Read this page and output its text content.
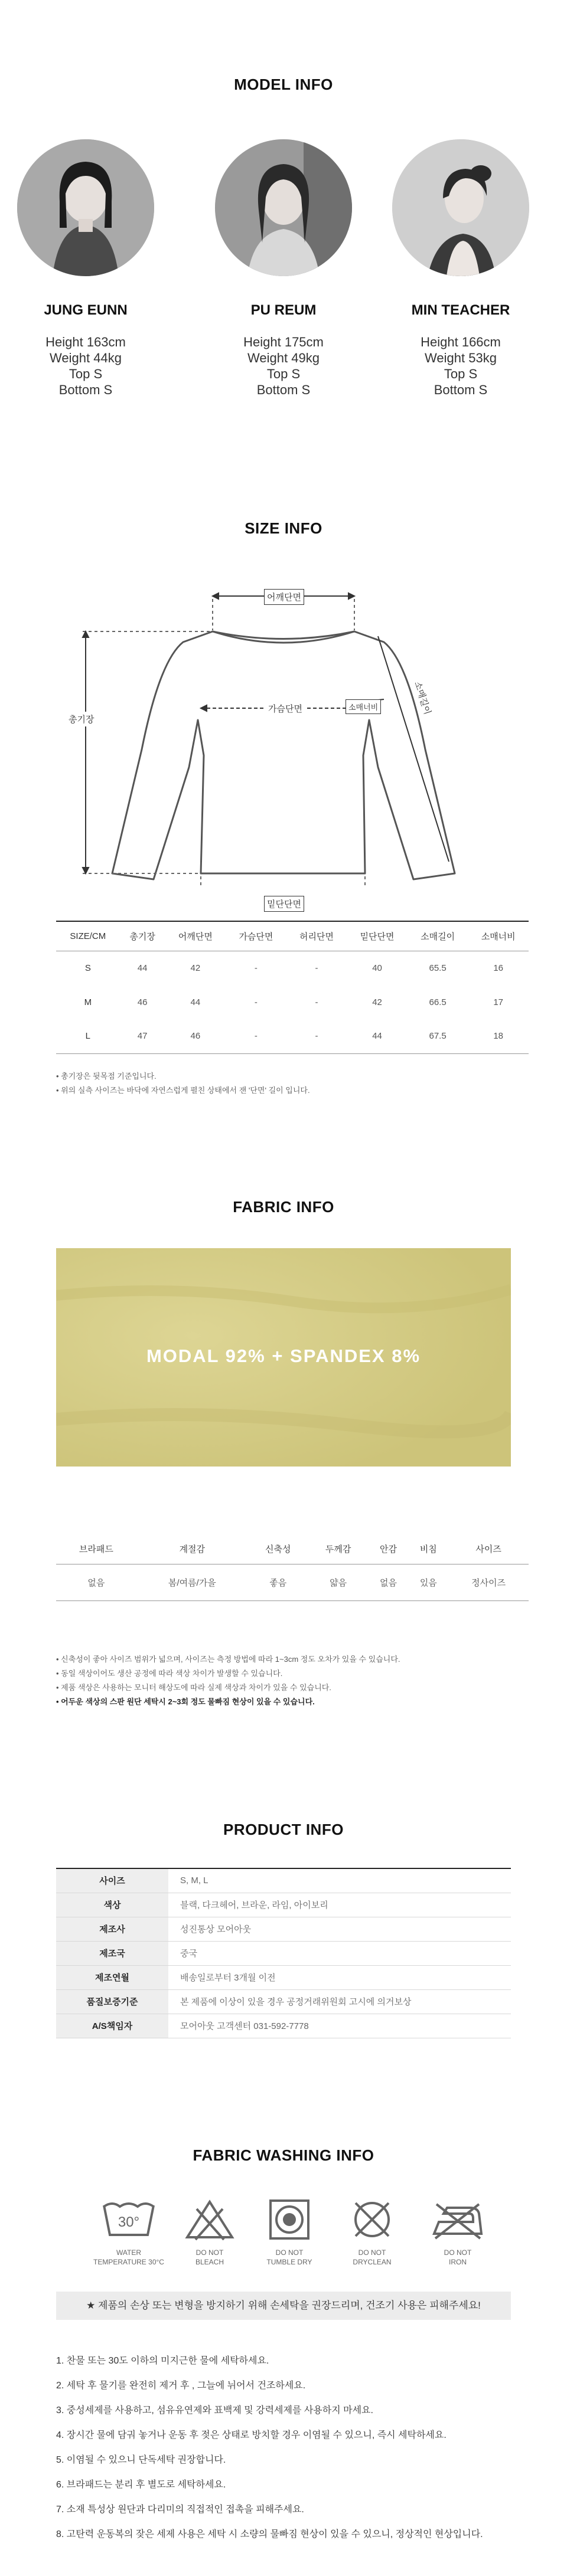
MODEL INFO
JUNG EUNN
Height 163cm
Weight 44kg
Top S
Bottom S
PU REUM
Height 175cm
Weight 49kg
Top S
Bottom S
MIN TEACHER
Height 166cm
Weight 53kg
Top S
Bottom S
SIZE INFO
어깨단면
가슴단면
총기장
소매길이
소매너비
밑단단면
SIZE/CM	총기장	어깨단면	가슴단면	허리단면	밑단단면	소매길이	소매너비
S	44	42	-	-	40	65.5	16
M	46	44	-	-	42	66.5	17
L	47	46	-	-	44	67.5	18
• 총기장은 뒷목점 기준입니다.
• 위의 실측 사이즈는 바닥에 자연스럽게 펼친 상태에서 잰 '단면' 길이 입니다.
FABRIC INFO
MODAL 92% + SPANDEX 8%
브라패드	계절감	신축성	두께감	안감	비침	사이즈
없음	봄/여름/가을	좋음	얇음	없음	있음	정사이즈
• 신축성이 좋아 사이즈 범위가 넓으며, 사이즈는 측정 방법에 따라 1~3cm 정도 오차가 있을 수 있습니다.
• 동일 색상이어도 생산 공정에 따라 색상 차이가 발생할 수 있습니다.
• 제품 색상은 사용하는 모니터 해상도에 따라 실제 색상과 차이가 있을 수 있습니다.
• 어두운 색상의 스판 원단 세탁시 2~3회 정도 물빠짐 현상이 있을 수 있습니다.
PRODUCT INFO
사이즈	S, M, L
색상	블랙, 다크헤어, 브라운, 라임, 아이보리
제조사	성진통상 모어아웃
제조국	중국
제조연월	배송일로부터 3개월 이전
품질보증기준	본 제품에 이상이 있을 경우 공정거래위원회 고시에 의거보상
A/S책임자	모어아웃 고객센터 031-592-7778
FABRIC WASHING INFO
30°
WATER
TEMPERATURE 30°C
DO NOT
BLEACH
DO NOT
TUMBLE DRY
DO NOT
DRYCLEAN
DO NOT
IRON
★ 제품의 손상 또는 변형을 방지하기 위해 손세탁을 권장드리며, 건조기 사용은 피해주세요!
1. 찬물 또는 30도 이하의 미지근한 물에 세탁하세요.
2. 세탁 후 물기를 완전히 제거 후 , 그늘에 뉘어서 건조하세요.
3. 중성세제를 사용하고, 섬유유연제와 표백제 및 강력세제를 사용하지 마세요.
4. 장시간 물에 담궈 놓거나 운동 후 젖은 상태로 방치할 경우 이염될 수 있으니, 즉시 세탁하세요.
5. 이염될 수 있으니 단독세탁 권장합니다.
6. 브라패드는 분리 후 별도로 세탁하세요.
7. 소재 특성상 원단과 다리미의 직접적인 접촉을 피해주세요.
8. 고탄력 운동복의 잦은 세제 사용은 세탁 시 소량의 물빠짐 현상이 있을 수 있으니, 정상적인 현상입니다.
